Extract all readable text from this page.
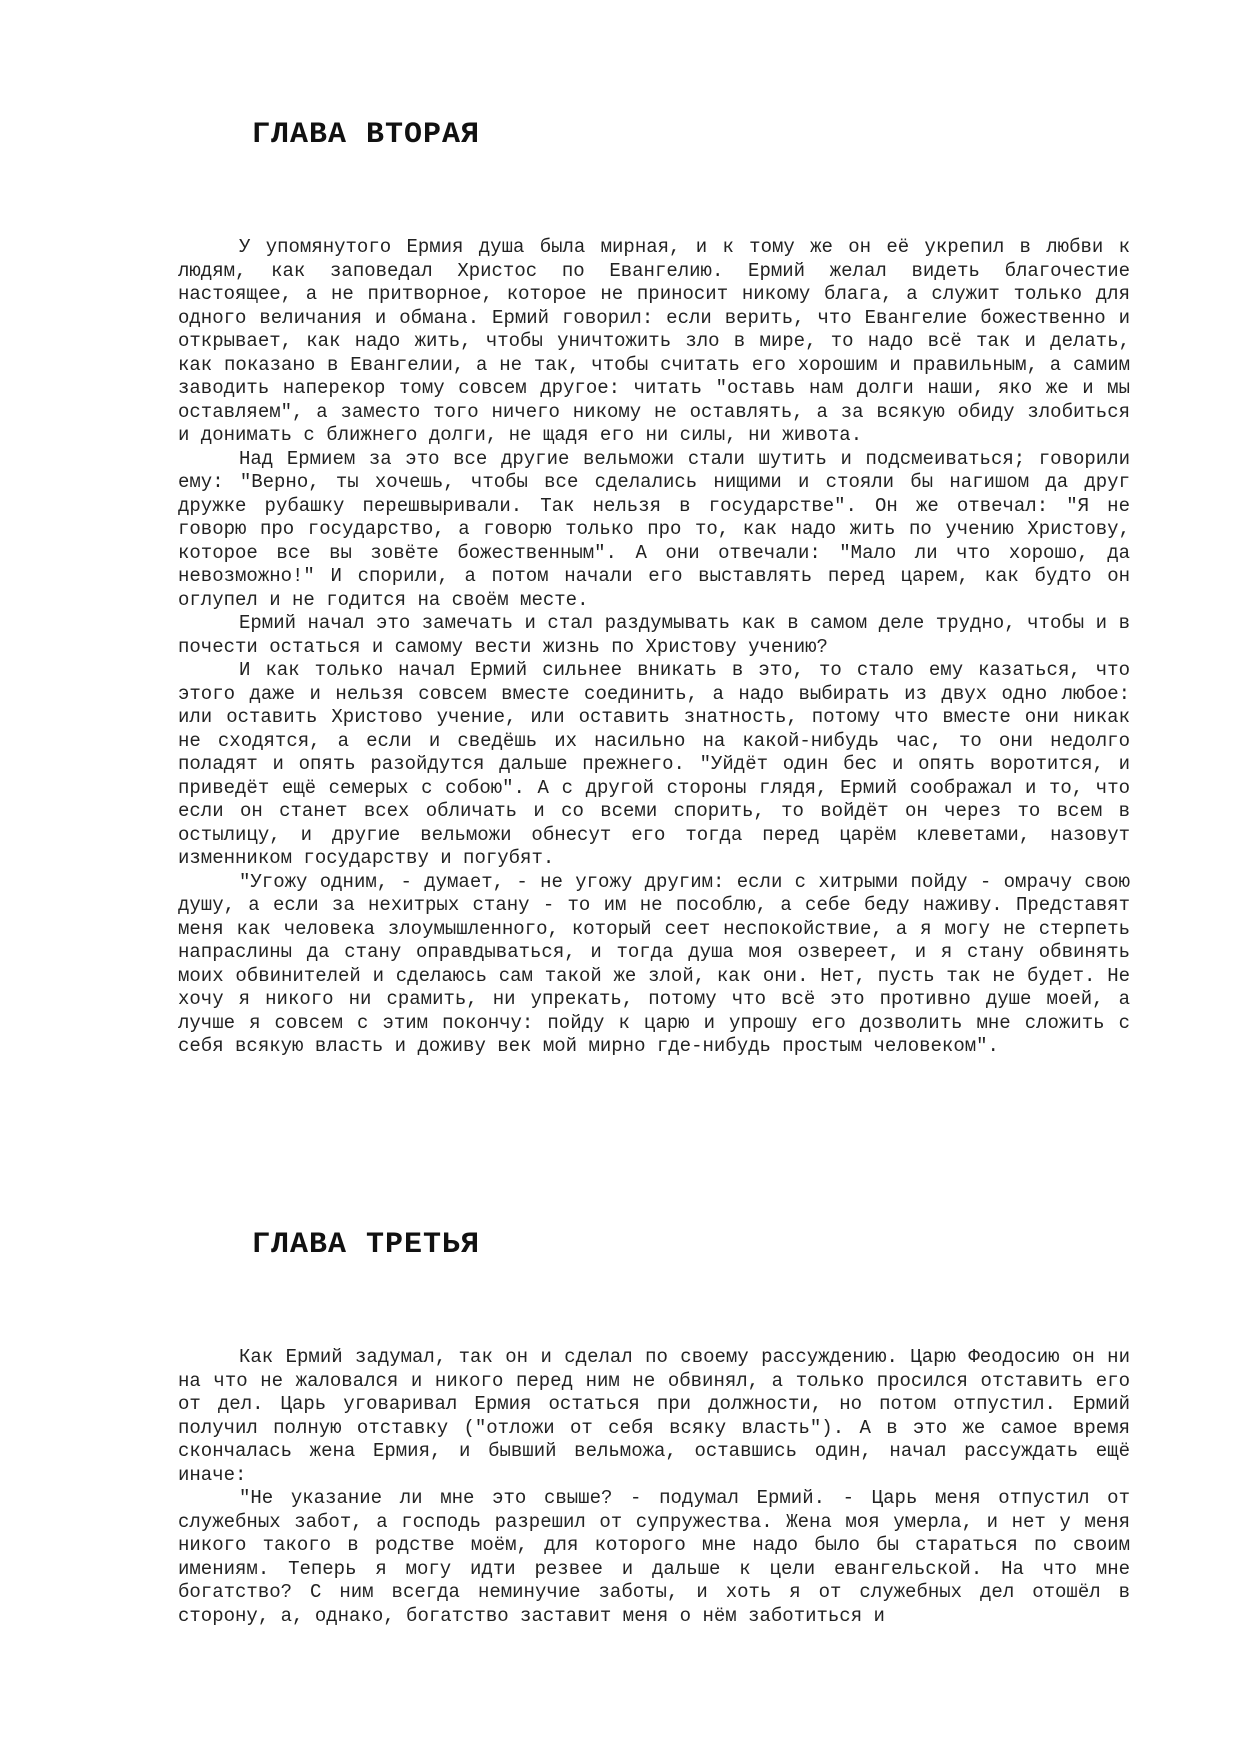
ГЛАВА ВТОРАЯ

У упомянутого Ермия душа была мирная, и к тому же он её укрепил в любви к людям, как заповедал Христос по Евангелию. Ермий желал видеть благочестие настоящее, а не притворное, которое не приносит никому блага, а служит только для одного величания и обмана. Ермий говорил: если верить, что Евангелие божественно и открывает, как надо жить, чтобы уничтожить зло в мире, то надо всё так и делать, как показано в Евангелии, а не так, чтобы считать его хорошим и правильным, а самим заводить наперекор тому совсем другое: читать "оставь нам долги наши, яко же и мы оставляем", а заместо того ничего никому не оставлять, а за всякую обиду злобиться и донимать с ближнего долги, не щадя его ни силы, ни живота.

Над Ермием за это все другие вельможи стали шутить и подсмеиваться; говорили ему: "Верно, ты хочешь, чтобы все сделались нищими и стояли бы нагишом да друг дружке рубашку перешвыривали. Так нельзя в государстве". Он же отвечал: "Я не говорю про государство, а говорю только про то, как надо жить по учению Христову, которое все вы зовёте божественным". А они отвечали: "Мало ли что хорошо, да невозможно!" И спорили, а потом начали его выставлять перед царем, как будто он оглупел и не годится на своём месте.

Ермий начал это замечать и стал раздумывать как в самом деле трудно, чтобы и в почести остаться и самому вести жизнь по Христову учению?

И как только начал Ермий сильнее вникать в это, то стало ему казаться, что этого даже и нельзя совсем вместе соединить, а надо выбирать из двух одно любое: или оставить Христово учение, или оставить знатность, потому что вместе они никак не сходятся, а если и сведёшь их насильно на какой-нибудь час, то они недолго поладят и опять разойдутся дальше прежнего. "Уйдёт один бес и опять воротится, и приведёт ещё семерых с собою". А с другой стороны глядя, Ермий соображал и то, что если он станет всех обличать и со всеми спорить, то войдёт он через то всем в остылицу, и другие вельможи обнесут его тогда перед царём клеветами, назовут изменником государству и погубят.

"Угожу одним, - думает, - не угожу другим: если с хитрыми пойду - омрачу свою душу, а если за нехитрых стану - то им не пособлю, а себе беду наживу. Представят меня как человека злоумышленного, который сеет неспокойствие, а я могу не стерпеть напраслины да стану оправдываться, и тогда душа моя озвереет, и я стану обвинять моих обвинителей и сделаюсь сам такой же злой, как они. Нет, пусть так не будет. Не хочу я никого ни срамить, ни упрекать, потому что всё это противно душе моей, а лучше я совсем с этим покончу: пойду к царю и упрошу его дозволить мне сложить с себя всякую власть и доживу век мой мирно где-нибудь простым человеком".

ГЛАВА ТРЕТЬЯ

Как Ермий задумал, так он и сделал по своему рассуждению. Царю Феодосию он ни на что не жаловался и никого перед ним не обвинял, а только просился отставить его от дел. Царь уговаривал Ермия остаться при должности, но потом отпустил. Ермий получил полную отставку ("отложи от себя всяку власть"). А в это же самое время скончалась жена Ермия, и бывший вельможа, оставшись один, начал рассуждать ещё иначе:

"Не указание ли мне это свыше? - подумал Ермий. - Царь меня отпустил от служебных забот, а господь разрешил от супружества. Жена моя умерла, и нет у меня никого такого в родстве моём, для которого мне надо было бы стараться по своим имениям. Теперь я могу идти резвее и дальше к цели евангельской. На что мне богатство? С ним всегда неминучие заботы, и хоть я от служебных дел отошёл в сторону, а, однако, богатство заставит меня о нём заботиться и
